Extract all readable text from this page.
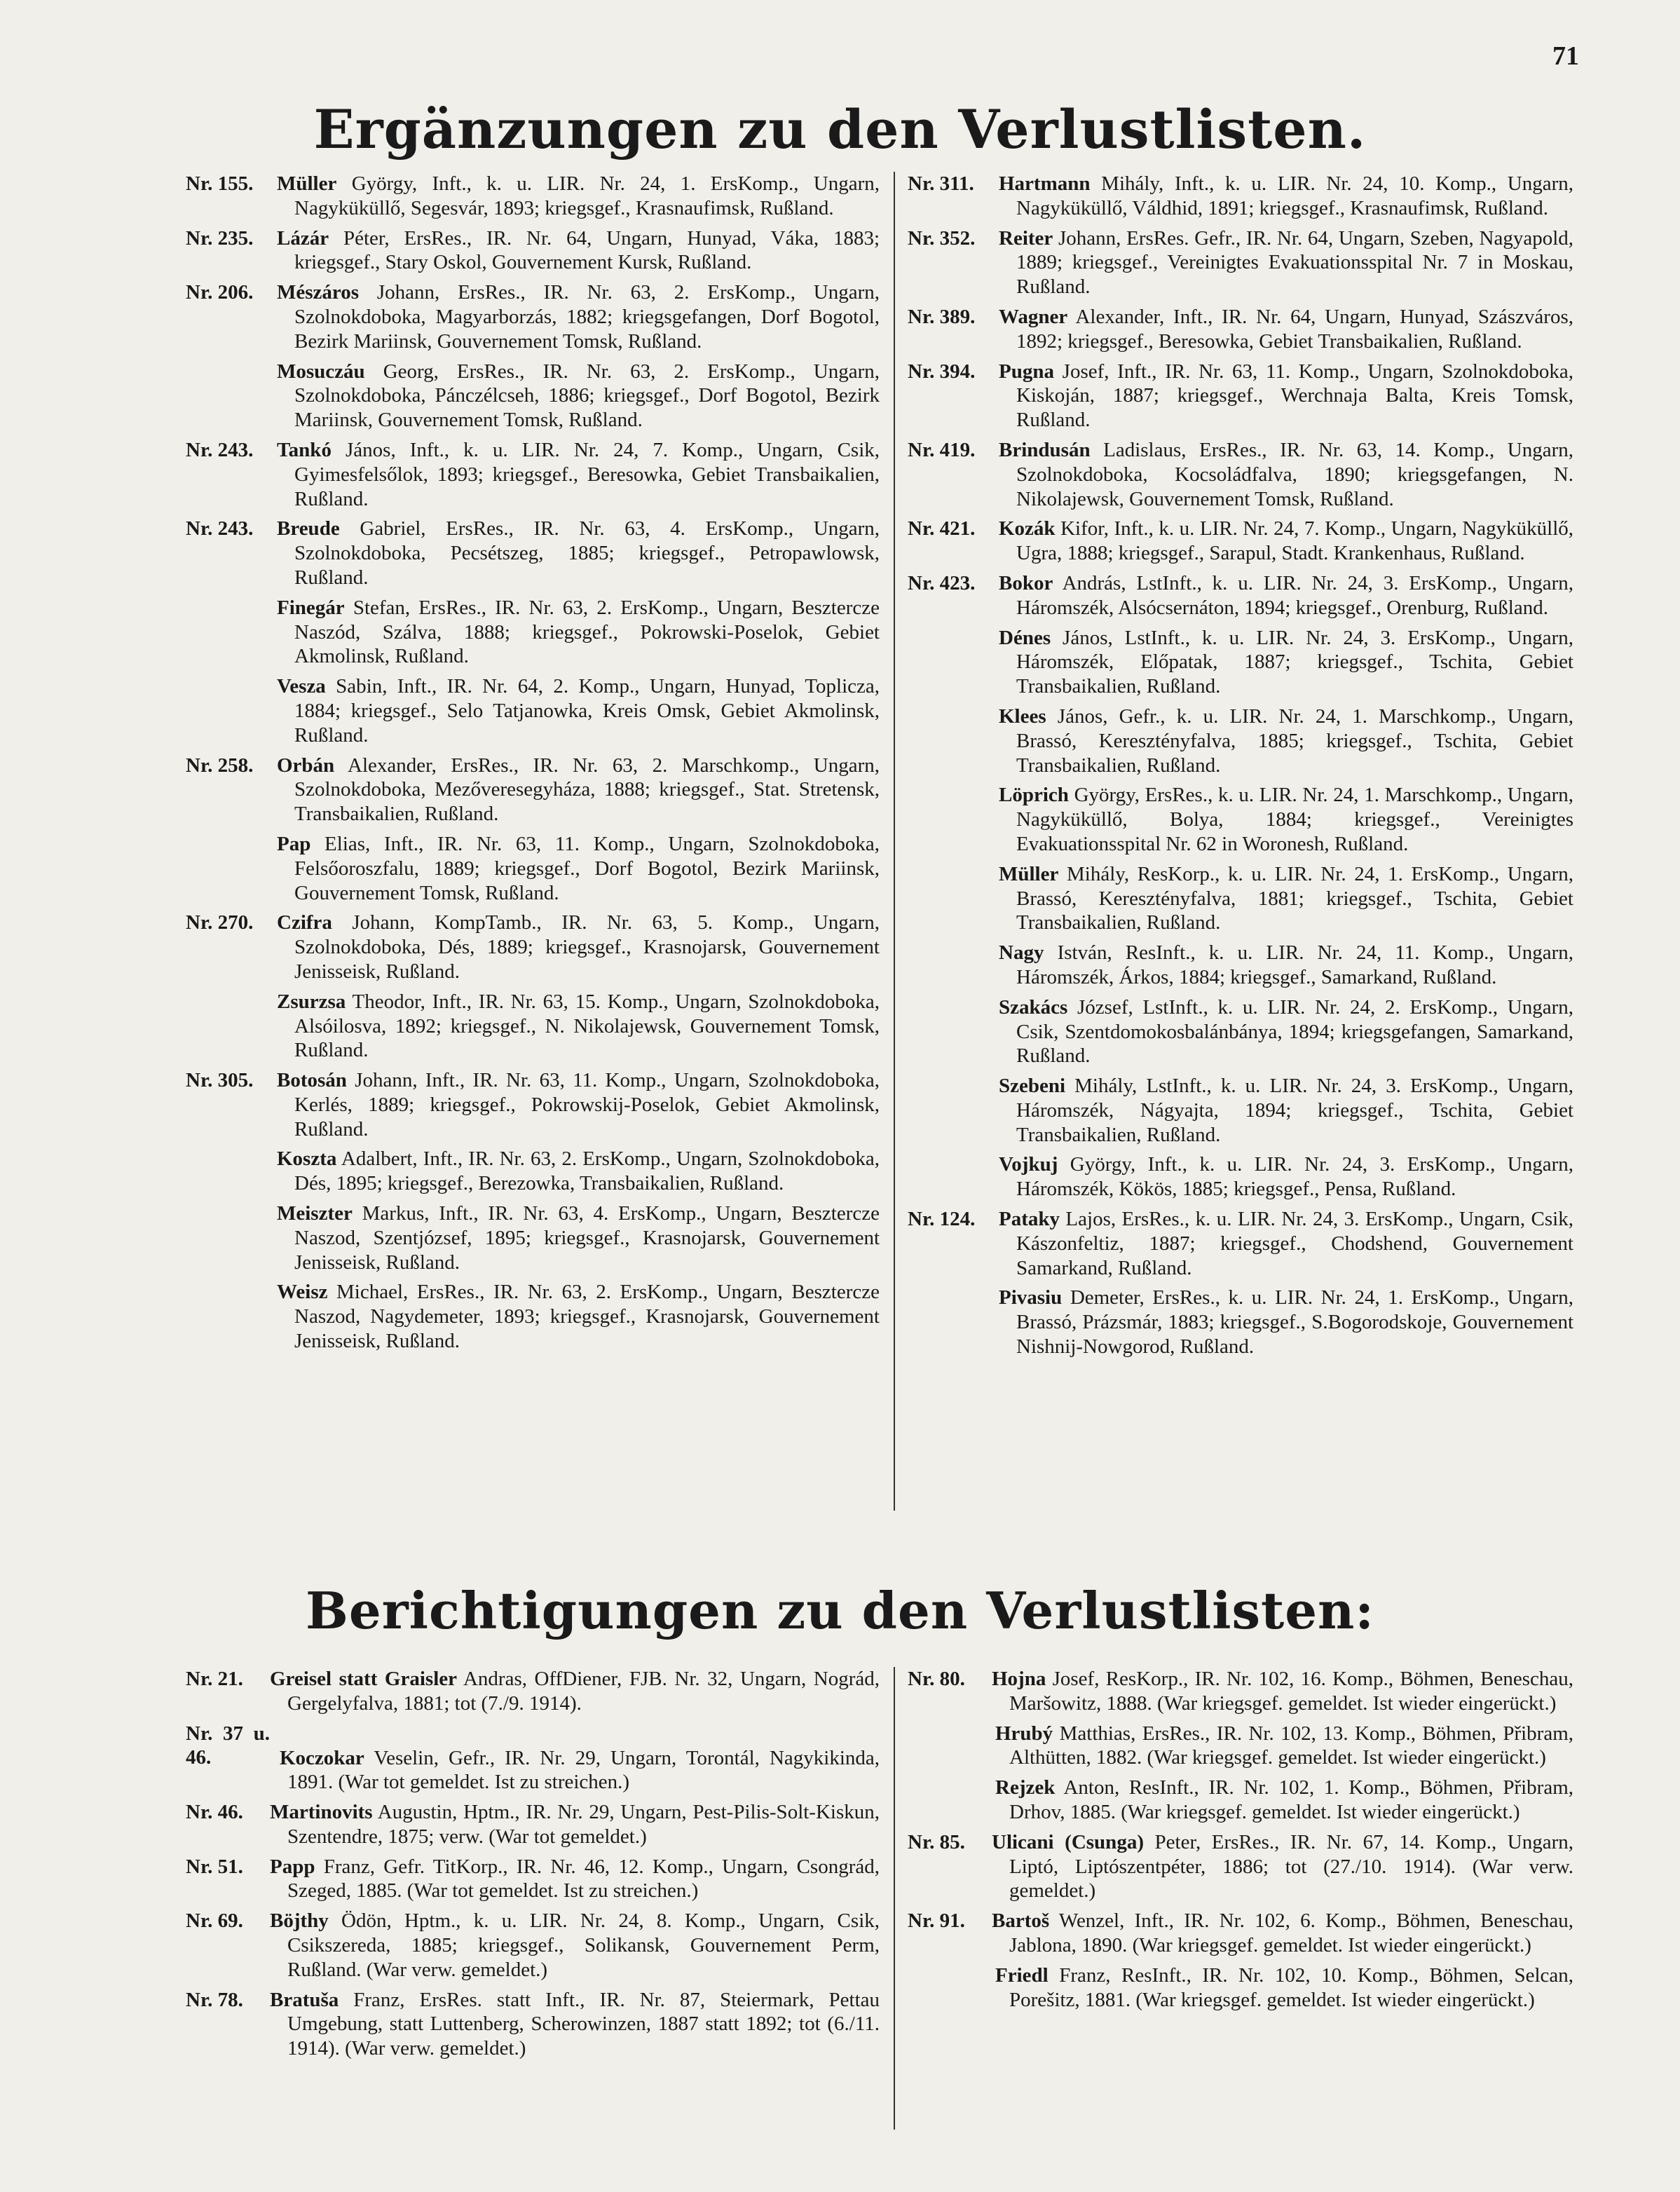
71
Ergänzungen zu den Verlustlisten.
Nr. 155. Müller György, Inft., k. u. LIR. Nr. 24, 1. ErsKomp., Ungarn, Nagyküküllő, Segesvár, 1893; kriegsgef., Krasnaufimsk, Rußland.
Nr. 235. Lázár Péter, ErsRes., IR. Nr. 64, Ungarn, Hunyad, Váka, 1883; kriegsgef., Stary Oskol, Gouvernement Kursk, Rußland.
Nr. 206. Mészáros Johann, ErsRes., IR. Nr. 63, 2. ErsKomp., Ungarn, Szolnokdoboka, Magyarborzás, 1882; kriegsgefangen, Dorf Bogotol, Bezirk Mariinsk, Gouvernement Tomsk, Rußland.
Mosuczáu Georg, ErsRes., IR. Nr. 63, 2. ErsKomp., Ungarn, Szolnokdoboka, Pánczélcseh, 1886; kriegsgef., Dorf Bogotol, Bezirk Mariinsk, Gouvernement Tomsk, Rußland.
Nr. 243. Tankó János, Inft., k. u. LIR. Nr. 24, 7. Komp., Ungarn, Csik, Gyimesfelsőlok, 1893; kriegsgef., Beresowka, Gebiet Transbaikalien, Rußland.
Nr. 243. Breude Gabriel, ErsRes., IR. Nr. 63, 4. ErsKomp., Ungarn, Szolnokdoboka, Pecsétszeg, 1885; kriegsgef., Petropawlowsk, Rußland.
Finegár Stefan, ErsRes., IR. Nr. 63, 2. ErsKomp., Ungarn, Besztercze Naszód, Szálva, 1888; kriegsgef., Pokrowski-Poselok, Gebiet Akmolinsk, Rußland.
Vesza Sabin, Inft., IR. Nr. 64, 2. Komp., Ungarn, Hunyad, Toplicza, 1884; kriegsgef., Selo Tatjanowka, Kreis Omsk, Gebiet Akmolinsk, Rußland.
Nr. 258. Orbán Alexander, ErsRes., IR. Nr. 63, 2. Marschkomp., Ungarn, Szolnokdoboka, Mezőveresegyháza, 1888; kriegsgef., Stat. Stretensk, Transbaikalien, Rußland.
Pap Elias, Inft., IR. Nr. 63, 11. Komp., Ungarn, Szolnokdoboka, Felsőoroszfalu, 1889; kriegsgef., Dorf Bogotol, Bezirk Mariinsk, Gouvernement Tomsk, Rußland.
Nr. 270. Czifra Johann, KompTamb., IR. Nr. 63, 5. Komp., Ungarn, Szolnokdoboka, Dés, 1889; kriegsgef., Krasnojarsk, Gouvernement Jenisseisk, Rußland.
Zsurzsa Theodor, Inft., IR. Nr. 63, 15. Komp., Ungarn, Szolnokdoboka, Alsóilosva, 1892; kriegsgef., N. Nikolajewsk, Gouvernement Tomsk, Rußland.
Nr. 305. Botosán Johann, Inft., IR. Nr. 63, 11. Komp., Ungarn, Szolnokdoboka, Kerlés, 1889; kriegsgef., Pokrowskij-Poselok, Gebiet Akmolinsk, Rußland.
Koszta Adalbert, Inft., IR. Nr. 63, 2. ErsKomp., Ungarn, Szolnokdoboka, Dés, 1895; kriegsgef., Berezowka, Transbaikalien, Rußland.
Meiszter Markus, Inft., IR. Nr. 63, 4. ErsKomp., Ungarn, Besztercze Naszod, Szentjózsef, 1895; kriegsgef., Krasnojarsk, Gouvernement Jenisseisk, Rußland.
Weisz Michael, ErsRes., IR. Nr. 63, 2. ErsKomp., Ungarn, Besztercze Naszod, Nagydemeter, 1893; kriegsgef., Krasnojarsk, Gouvernement Jenisseisk, Rußland.
Nr. 311. Hartmann Mihály, Inft., k. u. LIR. Nr. 24, 10. Komp., Ungarn, Nagyküküllő, Váldhid, 1891; kriegsgef., Krasnaufimsk, Rußland.
Nr. 352. Reiter Johann, ErsRes. Gefr., IR. Nr. 64, Ungarn, Szeben, Nagyapold, 1889; kriegsgef., Vereinigtes Evakuationsspital Nr. 7 in Moskau, Rußland.
Nr. 389. Wagner Alexander, Inft., IR. Nr. 64, Ungarn, Hunyad, Szászváros, 1892; kriegsgef., Beresowka, Gebiet Transbaikalien, Rußland.
Nr. 394. Pugna Josef, Inft., IR. Nr. 63, 11. Komp., Ungarn, Szolnokdoboka, Kiskoján, 1887; kriegsgef., Werchnaja Balta, Kreis Tomsk, Rußland.
Nr. 419. Brindusán Ladislaus, ErsRes., IR. Nr. 63, 14. Komp., Ungarn, Szolnokdoboka, Kocsoládfalva, 1890; kriegsgefangen, N. Nikolajewsk, Gouvernement Tomsk, Rußland.
Nr. 421. Kozák Kifor, Inft., k. u. LIR. Nr. 24, 7. Komp., Ungarn, Nagyküküllő, Ugra, 1888; kriegsgef., Sarapul, Stadt. Krankenhaus, Rußland.
Nr. 423. Bokor András, LstInft., k. u. LIR. Nr. 24, 3. ErsKomp., Ungarn, Háromszék, Alsócsernáton, 1894; kriegsgef., Orenburg, Rußland.
Dénes János, LstInft., k. u. LIR. Nr. 24, 3. ErsKomp., Ungarn, Háromszék, Előpatak, 1887; kriegsgef., Tschita, Gebiet Transbaikalien, Rußland.
Klees János, Gefr., k. u. LIR. Nr. 24, 1. Marschkomp., Ungarn, Brassó, Keresztényfalva, 1885; kriegsgef., Tschita, Gebiet Transbaikalien, Rußland.
Löprich György, ErsRes., k. u. LIR. Nr. 24, 1. Marschkomp., Ungarn, Nagyküküllő, Bolya, 1884; kriegsgef., Vereinigtes Evakuationsspital Nr. 62 in Woronesh, Rußland.
Müller Mihály, ResKorp., k. u. LIR. Nr. 24, 1. ErsKomp., Ungarn, Brassó, Keresztényfalva, 1881; kriegsgef., Tschita, Gebiet Transbaikalien, Rußland.
Nagy István, ResInft., k. u. LIR. Nr. 24, 11. Komp., Ungarn, Háromszék, Árkos, 1884; kriegsgef., Samarkand, Rußland.
Szakács József, LstInft., k. u. LIR. Nr. 24, 2. ErsKomp., Ungarn, Csik, Szentdomokosbalánbánya, 1894; kriegsgefangen, Samarkand, Rußland.
Szebeni Mihály, LstInft., k. u. LIR. Nr. 24, 3. ErsKomp., Ungarn, Háromszék, Nágyajta, 1894; kriegsgef., Tschita, Gebiet Transbaikalien, Rußland.
Vojkuj György, Inft., k. u. LIR. Nr. 24, 3. ErsKomp., Ungarn, Háromszék, Kökös, 1885; kriegsgef., Pensa, Rußland.
Nr. 124. Pataky Lajos, ErsRes., k. u. LIR. Nr. 24, 3. ErsKomp., Ungarn, Csik, Kászonfeltiz, 1887; kriegsgef., Chodshend, Gouvernement Samarkand, Rußland.
Pivasiu Demeter, ErsRes., k. u. LIR. Nr. 24, 1. ErsKomp., Ungarn, Brassó, Prázsmár, 1883; kriegsgef., S.Bogorodskoje, Gouvernement Nishnij-Nowgorod, Rußland.
Berichtigungen zu den Verlustlisten:
Nr. 21. Greisel statt Graisler Andras, OffDiener, FJB. Nr. 32, Ungarn, Nográd, Gergelyfalva, 1881; tot (7./9. 1914).
Nr. 37 u. 46.	Koczokar Veselin, Gefr., IR. Nr. 29, Ungarn, Torontál, Nagykikinda, 1891. (War tot gemeldet. Ist zu streichen.)
Nr. 46. Martinovits Augustin, Hptm., IR. Nr. 29, Ungarn, Pest-Pilis-Solt-Kiskun, Szentendre, 1875; verw. (War tot gemeldet.)
Nr. 51. Papp Franz, Gefr. TitKorp., IR. Nr. 46, 12. Komp., Ungarn, Csongrád, Szeged, 1885. (War tot gemeldet. Ist zu streichen.)
Nr. 69. Böjthy Ödön, Hptm., k. u. LIR. Nr. 24, 8. Komp., Ungarn, Csik, Csikszereda, 1885; kriegsgef., Solikansk, Gouvernement Perm, Rußland. (War verw. gemeldet.)
Nr. 78. Bratuša Franz, ErsRes. statt Inft., IR. Nr. 87, Steiermark, Pettau Umgebung, statt Luttenberg, Scherowinzen, 1887 statt 1892; tot (6./11. 1914). (War verw. gemeldet.)
Nr. 80. Hojna Josef, ResKorp., IR. Nr. 102, 16. Komp., Böhmen, Beneschau, Maršowitz, 1888. (War kriegsgef. gemeldet. Ist wieder eingerückt.)
Hrubý Matthias, ErsRes., IR. Nr. 102, 13. Komp., Böhmen, Přibram, Althütten, 1882. (War kriegsgef. gemeldet. Ist wieder eingerückt.)
Rejzek Anton, ResInft., IR. Nr. 102, 1. Komp., Böhmen, Přibram, Drhov, 1885. (War kriegsgef. gemeldet. Ist wieder eingerückt.)
Nr. 85. Ulicani (Csunga) Peter, ErsRes., IR. Nr. 67, 14. Komp., Ungarn, Liptó, Liptószentpéter, 1886; tot (27./10. 1914). (War verw. gemeldet.)
Nr. 91. Bartoš Wenzel, Inft., IR. Nr. 102, 6. Komp., Böhmen, Beneschau, Jablona, 1890. (War kriegsgef. gemeldet. Ist wieder eingerückt.)
Friedl Franz, ResInft., IR. Nr. 102, 10. Komp., Böhmen, Selcan, Porešitz, 1881. (War kriegsgef. gemeldet. Ist wieder eingerückt.)
